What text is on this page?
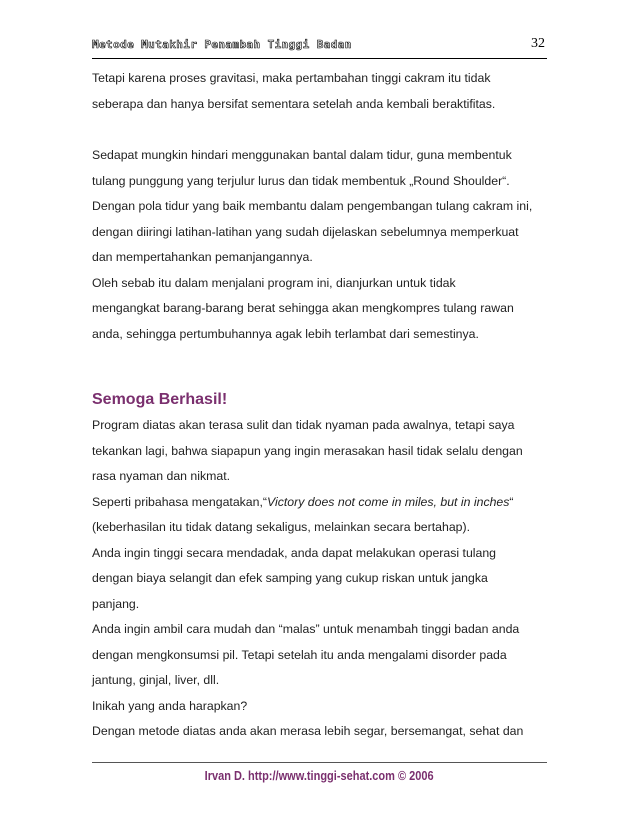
Metode Mutakhir Penambah Tinggi Badan	32

Tetapi karena proses gravitasi, maka pertambahan tinggi cakram itu tidak

seberapa dan hanya bersifat sementara setelah anda kembali beraktifitas.

Sedapat mungkin hindari menggunakan bantal dalam tidur, guna membentuk

tulang punggung yang terjulur lurus dan tidak membentuk „Round Shoulder“.

Dengan pola tidur yang baik membantu dalam pengembangan tulang cakram ini,

dengan diiringi latihan-latihan yang sudah dijelaskan sebelumnya memperkuat

dan mempertahankan pemanjangannya.

Oleh sebab itu dalam menjalani program ini, dianjurkan untuk tidak

mengangkat barang-barang berat sehingga akan mengkompres tulang rawan

anda, sehingga pertumbuhannya agak lebih terlambat dari semestinya.

Semoga Berhasil!

Program diatas akan terasa sulit dan tidak nyaman pada awalnya, tetapi saya

tekankan lagi, bahwa siapapun yang ingin merasakan hasil tidak selalu dengan

rasa nyaman dan nikmat.

Seperti pribahasa mengatakan,“Victory does not come in miles, but in inches“

(keberhasilan itu tidak datang sekaligus, melainkan secara bertahap).

Anda ingin tinggi secara mendadak, anda dapat melakukan operasi tulang

dengan biaya selangit dan efek samping yang cukup riskan untuk jangka

panjang.

Anda ingin ambil cara mudah dan “malas” untuk menambah tinggi badan anda

dengan mengkonsumsi pil. Tetapi setelah itu anda mengalami disorder pada

jantung, ginjal, liver, dll.

Inikah yang anda harapkan?

Dengan metode diatas anda akan merasa lebih segar, bersemangat, sehat dan

Irvan D. http://www.tinggi-sehat.com © 2006
